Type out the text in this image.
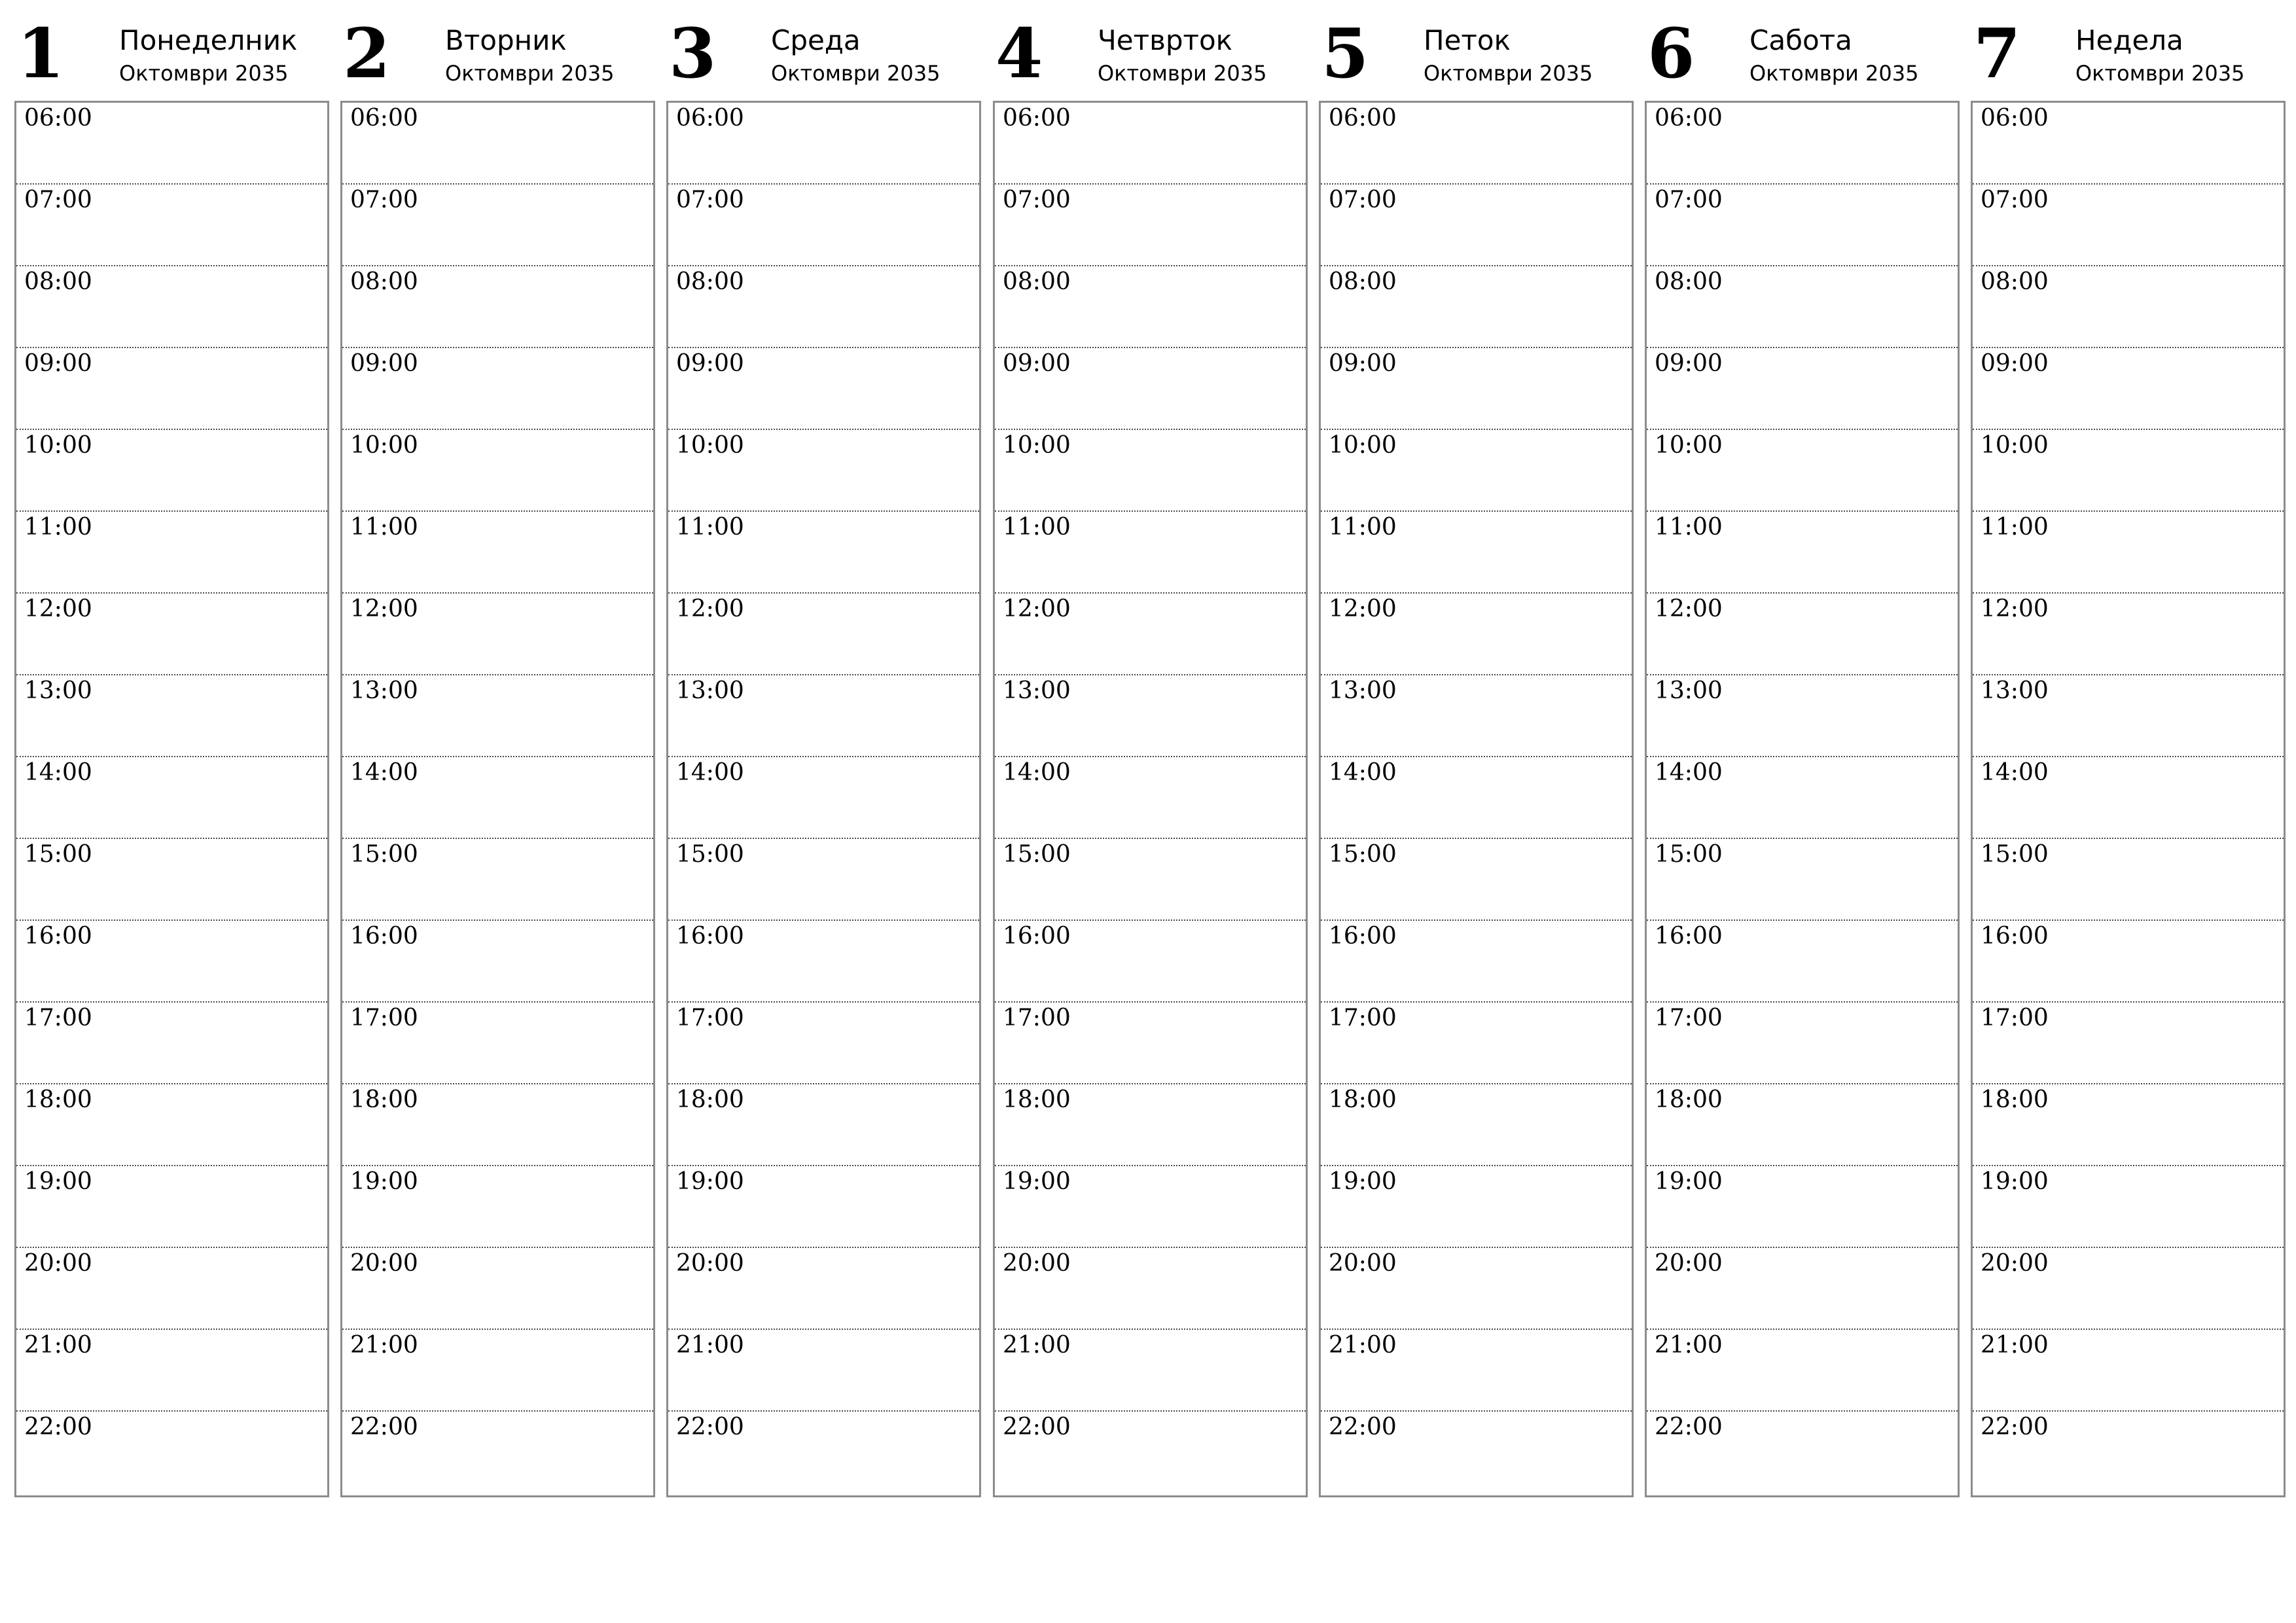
1 Понеделник
Октомври 2035
06:00
07:00
08:00
09:00
10:00
11:00
12:00
13:00
14:00
15:00
16:00
17:00
18:00
19:00
20:00
21:00
22:00
2 Вторник
Октомври 2035
06:00
07:00
08:00
09:00
10:00
11:00
12:00
13:00
14:00
15:00
16:00
17:00
18:00
19:00
20:00
21:00
22:00
3 Среда
Октомври 2035
06:00
07:00
08:00
09:00
10:00
11:00
12:00
13:00
14:00
15:00
16:00
17:00
18:00
19:00
20:00
21:00
22:00
4 Четврток
Октомври 2035
06:00
07:00
08:00
09:00
10:00
11:00
12:00
13:00
14:00
15:00
16:00
17:00
18:00
19:00
20:00
21:00
22:00
5 Петок
Октомври 2035
06:00
07:00
08:00
09:00
10:00
11:00
12:00
13:00
14:00
15:00
16:00
17:00
18:00
19:00
20:00
21:00
22:00
6 Сабота
Октомври 2035
06:00
07:00
08:00
09:00
10:00
11:00
12:00
13:00
14:00
15:00
16:00
17:00
18:00
19:00
20:00
21:00
22:00
7 Недела
Октомври 2035
06:00
07:00
08:00
09:00
10:00
11:00
12:00
13:00
14:00
15:00
16:00
17:00
18:00
19:00
20:00
21:00
22:00
